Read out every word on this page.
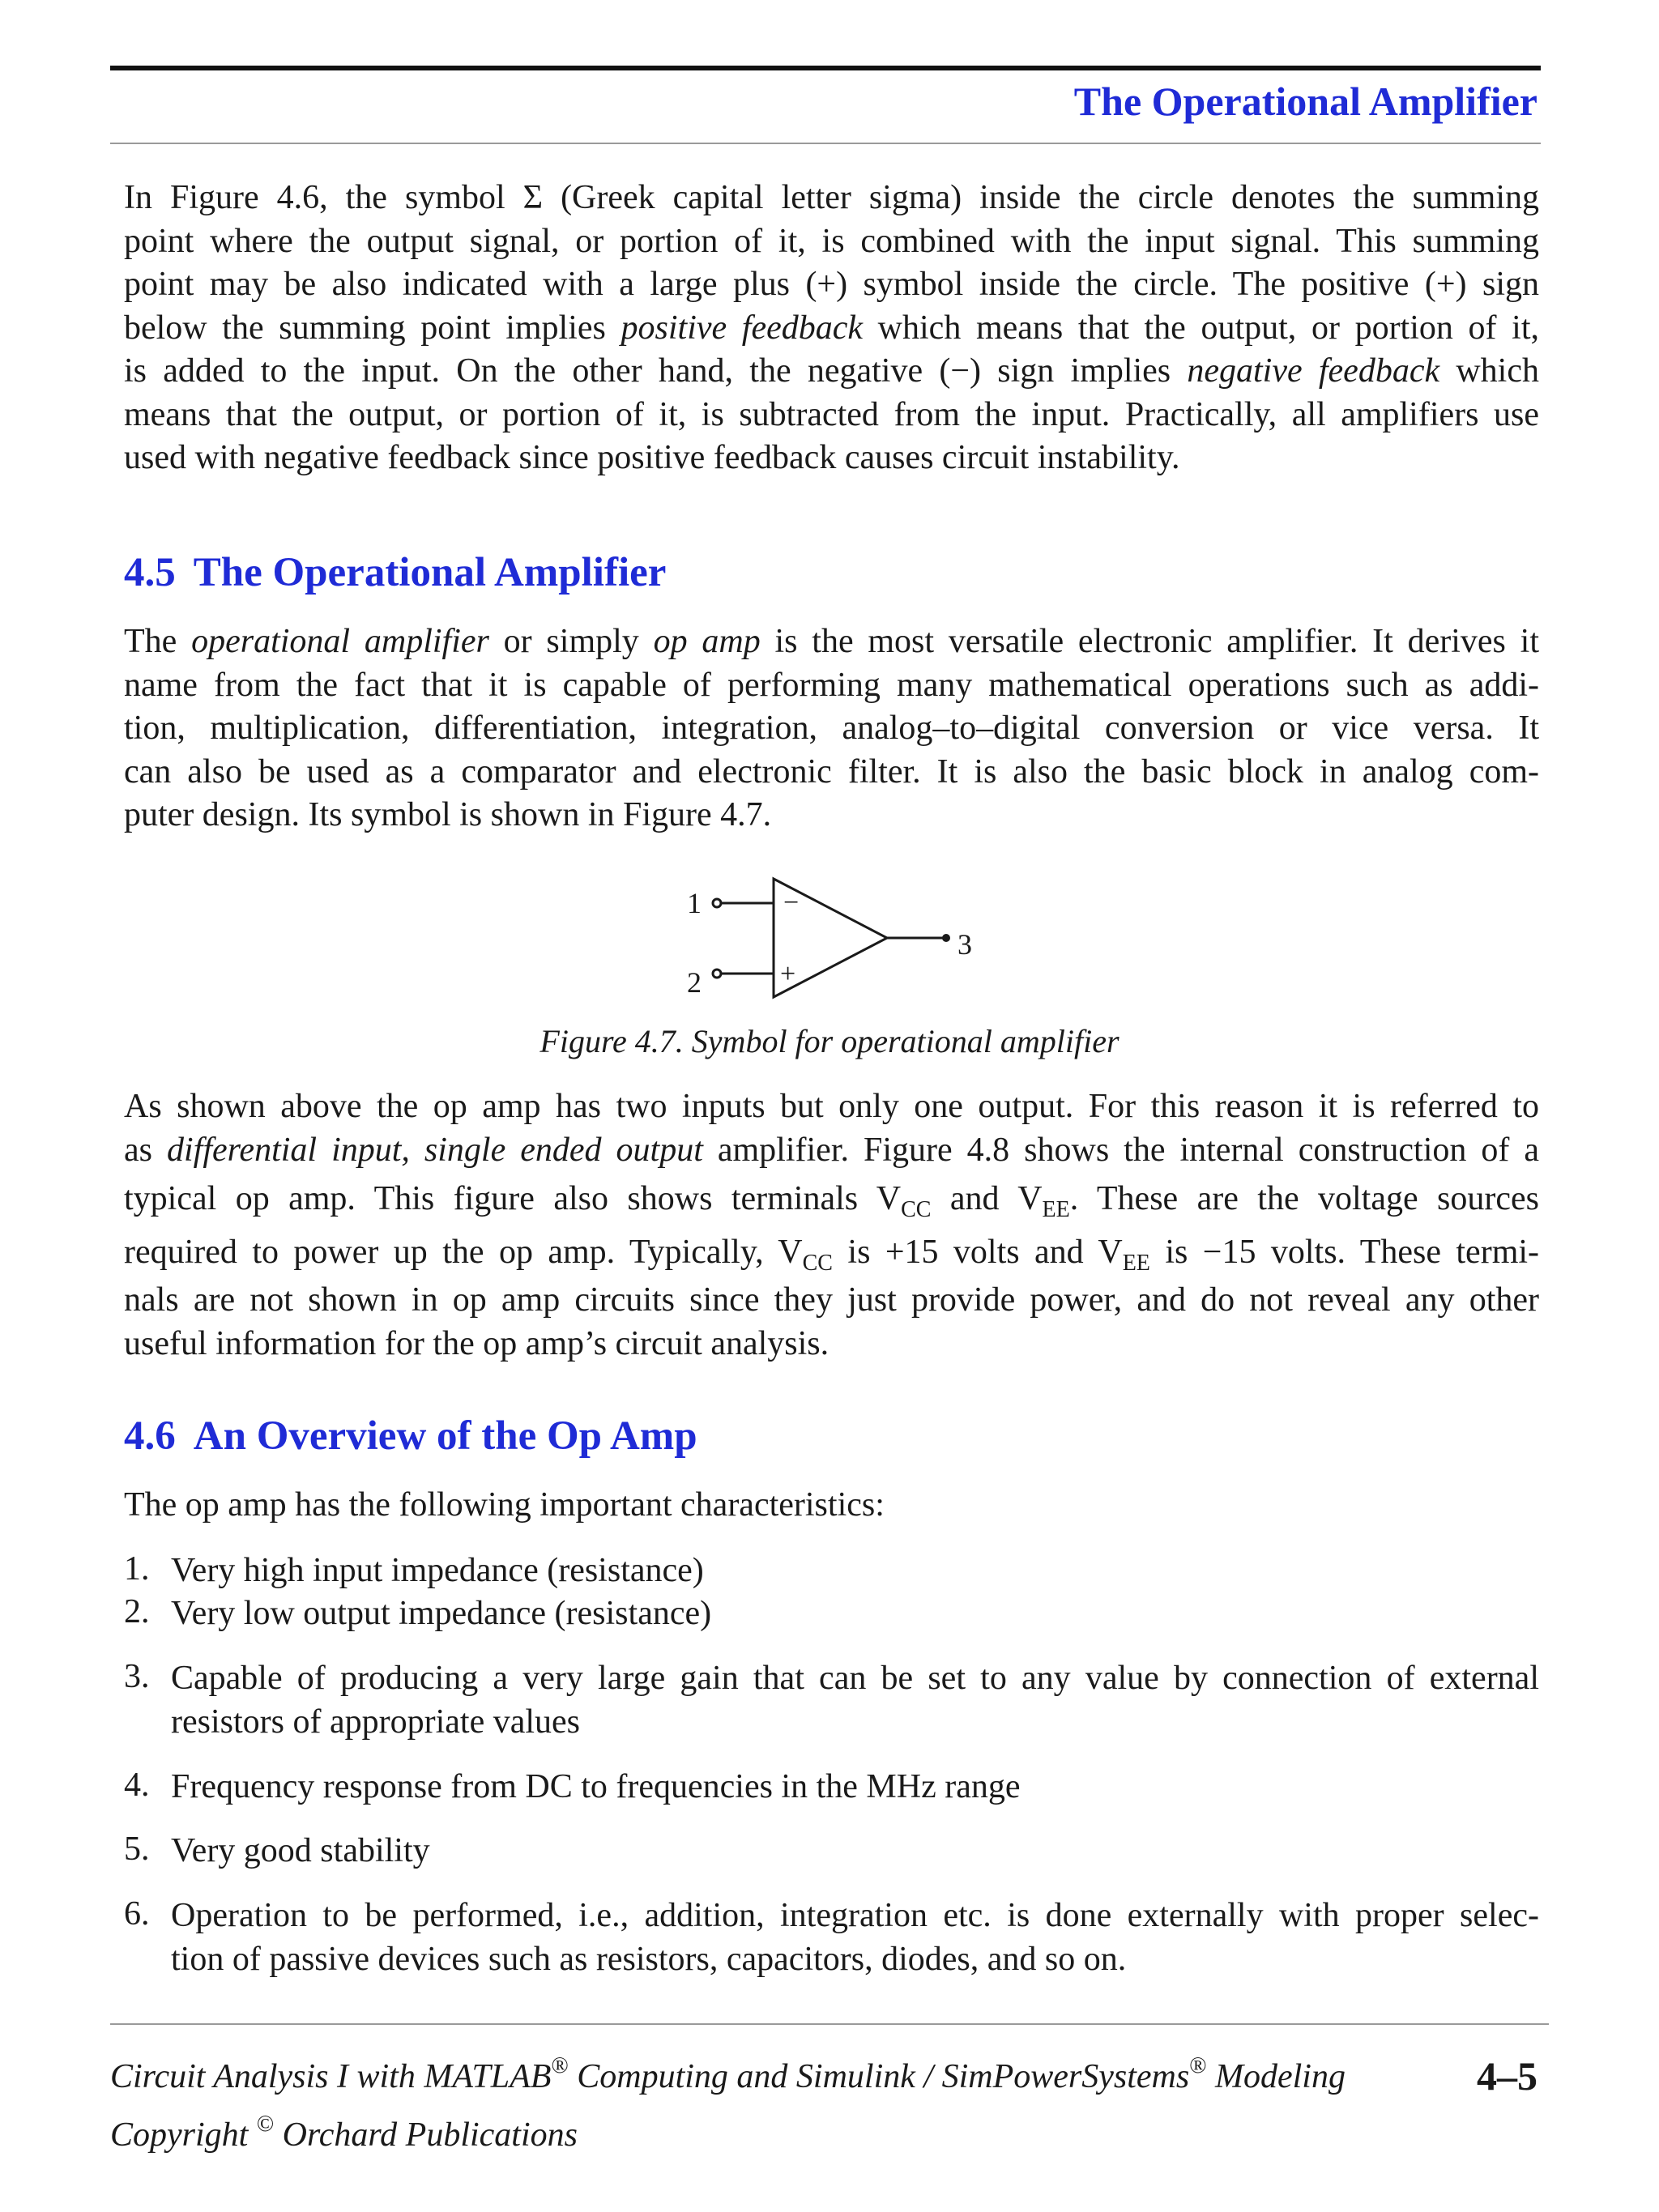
The Operational Amplifier
In Figure 4.6, the symbol Σ (Greek capital letter sigma) inside the circle denotes the summing
point where the output signal, or portion of it, is combined with the input signal. This summing
point may be also indicated with a large plus (+) symbol inside the circle. The positive (+) sign
below the summing point implies positive feedback which means that the output, or portion of it,
is added to the input. On the other hand, the negative (−) sign implies negative feedback which
means that the output, or portion of it, is subtracted from the input. Practically, all amplifiers use
used with negative feedback since positive feedback causes circuit instability.
4.5 The Operational Amplifier
The operational amplifier or simply op amp is the most versatile electronic amplifier. It derives it
name from the fact that it is capable of performing many mathematical operations such as addi-
tion, multiplication, differentiation, integration, analog–to–digital conversion or vice versa. It
can also be used as a comparator and electronic filter. It is also the basic block in analog com-
puter design. Its symbol is shown in Figure 4.7.
1
2
3
−
+
Figure 4.7. Symbol for operational amplifier
As shown above the op amp has two inputs but only one output. For this reason it is referred to
as differential input, single ended output amplifier. Figure 4.8 shows the internal construction of a
typical op amp. This figure also shows terminals $V_{CC}$ and $V_{EE}$. These are the voltage sources
required to power up the op amp. Typically, $V_{CC}$ is +15 volts and $V_{EE}$ is −15 volts. These termi-
nals are not shown in op amp circuits since they just provide power, and do not reveal any other
useful information for the op amp’s circuit analysis.
4.6 An Overview of the Op Amp
The op amp has the following important characteristics:
1. Very high input impedance (resistance)
2. Very low output impedance (resistance)
3. Capable of producing a very large gain that can be set to any value by connection of external
resistors of appropriate values
4. Frequency response from DC to frequencies in the MHz range
5. Very good stability
6. Operation to be performed, i.e., addition, integration etc. is done externally with proper selec-
tion of passive devices such as resistors, capacitors, diodes, and so on.
Circuit Analysis I with MATLAB® Computing and Simulink / SimPowerSystems® Modeling
Copyright © Orchard Publications
4–5
